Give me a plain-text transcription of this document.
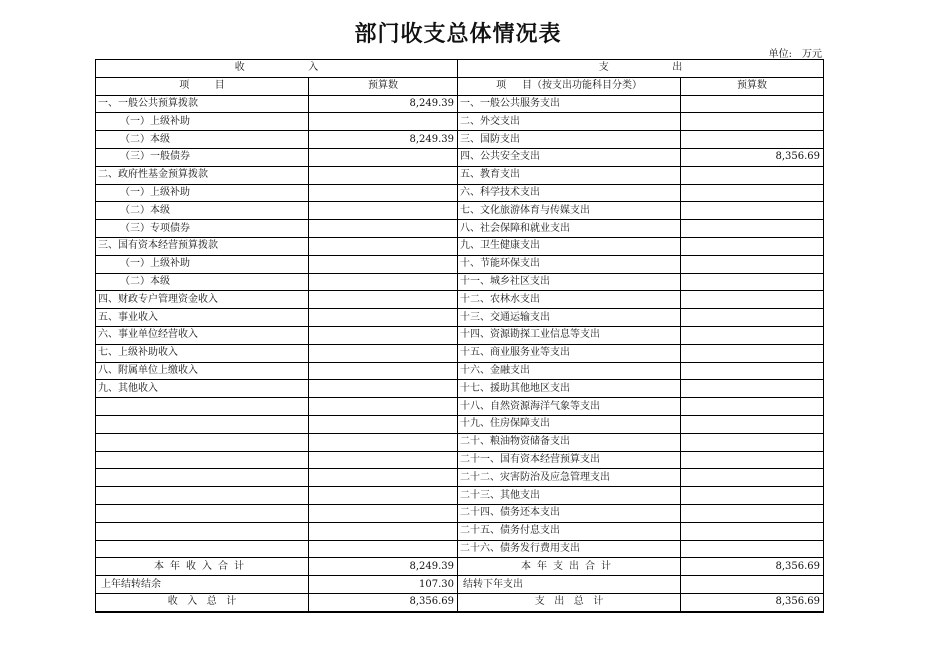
部门收支总体情况表
单位: 万元
收                    入		支                    出	
项        目	预算数	项     目（按支出功能科目分类）	预算数
一、一般公共预算拨款	8,249.39	一、一般公共服务支出	
（一）上级补助		二、外交支出	
（二）本级	8,249.39	三、国防支出	
（三）一般债券		四、公共安全支出	8,356.69
二、政府性基金预算拨款		五、教育支出	
（一）上级补助		六、科学技术支出	
（二）本级		七、文化旅游体育与传媒支出	
（三）专项债券		八、社会保障和就业支出	
三、国有资本经营预算拨款		九、卫生健康支出	
（一）上级补助		十、节能环保支出	
（二）本级		十一、城乡社区支出	
四、财政专户管理资金收入		十二、农林水支出	
五、事业收入		十三、交通运输支出	
六、事业单位经营收入		十四、资源勘探工业信息等支出	
七、上级补助收入		十五、商业服务业等支出	
八、附属单位上缴收入		十六、金融支出	
九、其他收入		十七、援助其他地区支出	
		十八、自然资源海洋气象等支出	
		十九、住房保障支出	
		二十、粮油物资储备支出	
		二十一、国有资本经营预算支出	
		二十二、灾害防治及应急管理支出	
		二十三、其他支出	
		二十四、债务还本支出	
		二十五、债务付息支出	
		二十六、债务发行费用支出	
本年收入合计	8,249.39	本年支出合计	8,356.69
上年结转结余	107.30	结转下年支出	
收   入   总   计	8,356.69	支   出   总   计	8,356.69
